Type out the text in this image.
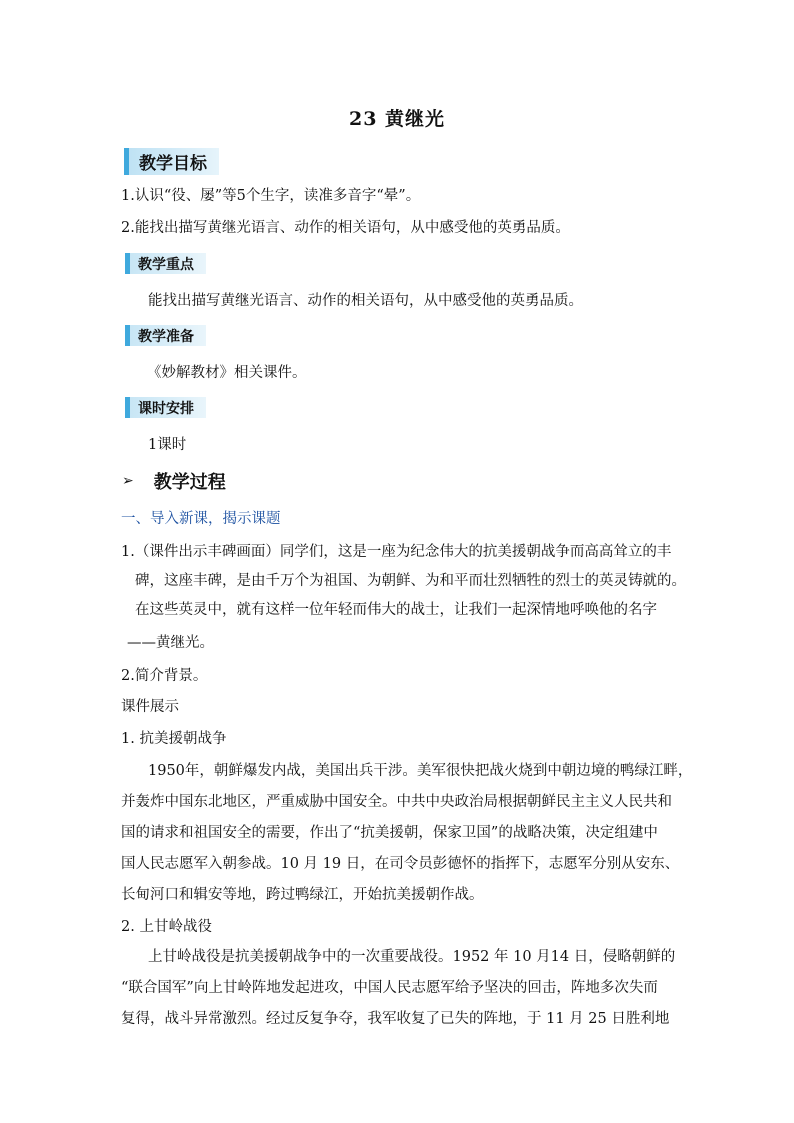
23 黄继光
教学目标
1.认识“役、屡”等5个生字，读准多音字“晕”。
2.能找出描写黄继光语言、动作的相关语句，从中感受他的英勇品质。
教学重点
能找出描写黄继光语言、动作的相关语句，从中感受他的英勇品质。
教学准备
《妙解教材》相关课件。
课时安排
1课时
➢ 教学过程
一、导入新课，揭示课题
1.（课件出示丰碑画面）同学们，这是一座为纪念伟大的抗美援朝战争而高高耸立的丰
碑，这座丰碑，是由千万个为祖国、为朝鲜、为和平而壮烈牺牲的烈士的英灵铸就的。
在这些英灵中，就有这样一位年轻而伟大的战士，让我们一起深情地呼唤他的名字
——黄继光。
2.简介背景。
课件展示
1. 抗美援朝战争
1950年，朝鲜爆发内战，美国出兵干涉。美军很快把战火烧到中朝边境的鸭绿江畔，
并轰炸中国东北地区，严重威胁中国安全。中共中央政治局根据朝鲜民主主义人民共和
国的请求和祖国安全的需要，作出了“抗美援朝，保家卫国”的战略决策，决定组建中
国人民志愿军入朝参战。10 月 19 日，在司令员彭德怀的指挥下，志愿军分别从安东、
长甸河口和辑安等地，跨过鸭绿江，开始抗美援朝作战。
2. 上甘岭战役
上甘岭战役是抗美援朝战争中的一次重要战役。1952 年 10 月14 日，侵略朝鲜的
“联合国军”向上甘岭阵地发起进攻，中国人民志愿军给予坚决的回击，阵地多次失而
复得，战斗异常激烈。经过反复争夺，我军收复了已失的阵地，于 11 月 25 日胜利地
